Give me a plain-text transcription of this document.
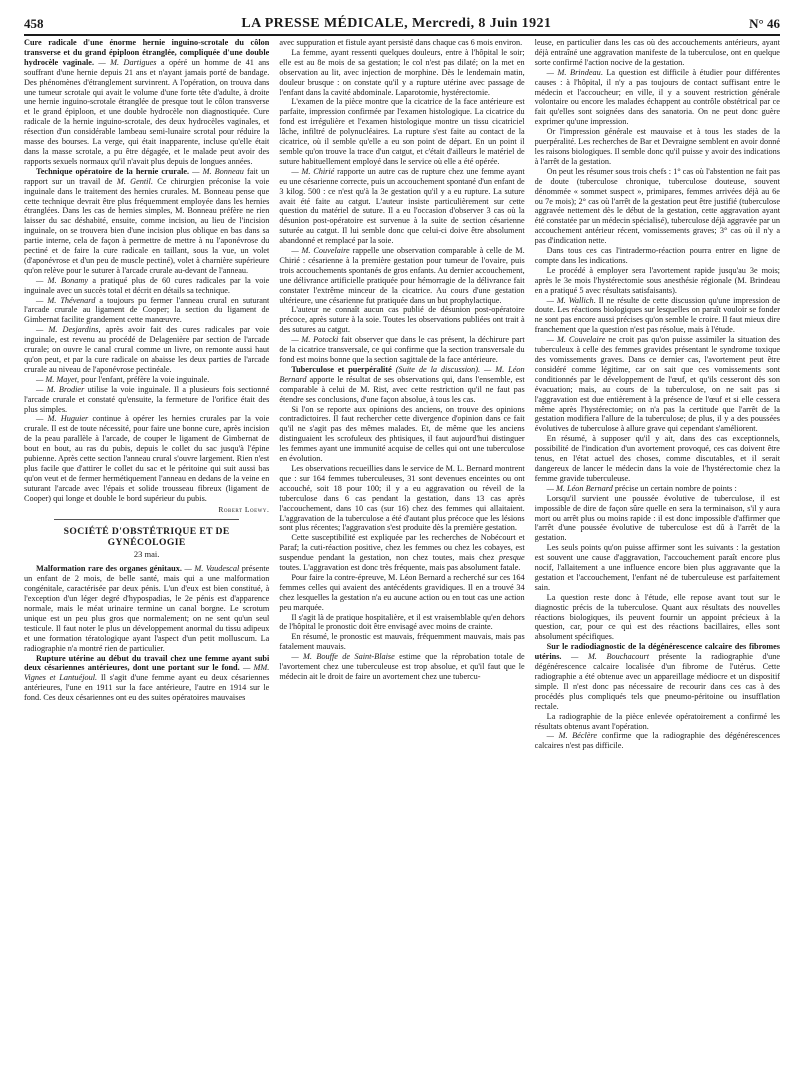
458	LA PRESSE MÉDICALE, Mercredi, 8 Juin 1921	N° 46

Cure radicale d'une énorme hernie inguino-scrotale du côlon transverse et du grand épiploon étranglée, compliquée d'une double hydrocèle vaginale. — M. Dartigues a opéré un homme de 41 ans souffrant d'une hernie depuis 21 ans et n'ayant jamais porté de bandage. Des phénomènes d'étranglement survinrent. A l'opération, on trouva dans une tumeur scrotale qui avait le volume d'une forte tête d'adulte, à droite une hernie inguino-scrotale étranglée de presque tout le côlon transverse et le grand épiploon, et une double hydrocèle non diagnostiquée. Cure radicale de la hernie inguino-scrotale, des deux hydrocèles vaginales, et résection d'un considérable lambeau semi-lunaire scrotal pour réduire la masse des bourses. La verge, qui était inapparente, incluse qu'elle était dans la masse scrotale, a pu être dégagée, et le malade peut avoir des rapports sexuels normaux qu'il n'avait plus depuis de longues années.

Technique opératoire de la hernie crurale. — M. Bonneau fait un rapport sur un travail de M. Gentil. Ce chirurgien préconise la voie inguinale dans le traitement des hernies crurales. M. Bonneau pense que cette technique devrait être plus fréquemment employée dans les hernies étranglées. Dans les cas de hernies simples, M. Bonneau préfère ne rien laisser du sac déshabité, ensuite, comme incision, au lieu de l'incision inguinale, on se trouvera bien d'une incision plus oblique en bas dans sa partie interne, cela de façon à permettre de mettre à nu l'aponévrose du pectiné et de faire la cure radicale en taillant, sous la vue, un volet (d'aponévrose et d'un peu de muscle pectiné), volet à charnière supérieure qu'on relève pour le suturer à l'arcade crurale au-devant de l'anneau.

— M. Bonamy a pratiqué plus de 60 cures radicales par la voie inguinale avec un succès total et décrit en détails sa technique.

— M. Thévenard a toujours pu fermer l'anneau crural en suturant l'arcade crurale au ligament de Cooper; la section du ligament de Gimbernat facilite grandement cette manœuvre.

— M. Desjardins, après avoir fait des cures radicales par voie inguinale, est revenu au procédé de Delagenière par section de l'arcade crurale; on ouvre le canal crural comme un livre, on remonte aussi haut qu'on peut, et par la cure radicale on abaisse les deux parties de l'arcade crurale au niveau de l'aponévrose pectinéale.

— M. Mayet, pour l'enfant, préfère la voie inguinale.

— M. Brodier utilise la voie inguinale. Il a plusieurs fois sectionné l'arcade crurale et constaté qu'ensuite, la fermeture de l'orifice était des plus simples.

— M. Huguier continue à opérer les hernies crurales par la voie crurale. Il est de toute nécessité, pour faire une bonne cure, après incision de la peau parallèle à l'arcade, de couper le ligament de Gimbernat de bout en bout, au ras du pubis, depuis le collet du sac jusqu'à l'épine pubienne. Après cette section l'anneau crural s'ouvre largement. Rien n'est plus facile que d'attirer le collet du sac et le péritoine qui suit aussi bas qu'on veut et de fermer hermétiquement l'anneau en dedans de la veine en suturant l'arcade avec l'épais et solide trousseau fibreux (ligament de Cooper) qui longe et double le bord supérieur du pubis.

Robert Loewy.
SOCIÉTÉ D'OBSTÉTRIQUE ET DE GYNÉCOLOGIE
23 mai.

Malformation rare des organes génitaux. — M. Vaudescal présente un enfant de 2 mois, de belle santé, mais qui a une malformation congénitale, caractérisée par deux pénis. L'un d'eux est bien constitué, à l'exception d'un léger degré d'hypospadias, le 2e pénis est d'apparence normale, mais le méat urinaire termine un canal borgne. Le scrotum unique est un peu plus gros que normalement; on ne sent qu'un seul testicule. Il faut noter le plus un développement anormal du tissu adipeux et une formation tératologique ayant l'aspect d'un petit molluscum. La radiographie n'a montré rien de particulier.

Rupture utérine au début du travail chez une femme ayant subi deux césariennes antérieures, dont une portant sur le fond. — MM. Vignes et Lantuéjoul. Il s'agit d'une femme ayant eu deux césariennes antérieures, l'une en 1911 sur la face antérieure, l'autre en 1914 sur le fond. Ces deux césariennes ont eu des suites opératoires mauvaises

avec suppuration et fistule ayant persisté dans chaque cas 6 mois environ.

La femme, ayant ressenti quelques douleurs, entre à l'hôpital le soir; elle est au 8e mois de sa gestation; le col n'est pas dilaté; on la met en observation au lit, avec injection de morphine. Dès le lendemain matin, douleur brusque : on constate qu'il y a rupture utérine avec passage de l'enfant dans la cavité abdominale. Laparotomie, hystérectomie.

L'examen de la pièce montre que la cicatrice de la face antérieure est parfaite, impression confirmée par l'examen histologique. La cicatrice du fond est irrégulière et l'examen histologique montre un tissu cicatriciel lâche, infiltré de polynucléaires. La rupture s'est faite au contact de la cicatrice, où il semble qu'elle a eu son point de départ. En un point il semble qu'on trouve la trace d'un catgut, et c'était d'ailleurs le matériel de suture habituellement employé dans le service où elle a été opérée.

— M. Chirié rapporte un autre cas de rupture chez une femme ayant eu une césarienne correcte, puis un accouchement spontané d'un enfant de 3 kilog. 500 : ce n'est qu'à la 3e gestation qu'il y a eu rupture. La suture avait été faite au catgut. L'auteur insiste particulièrement sur cette question du matériel de suture. Il a eu l'occasion d'observer 3 cas où la désunion post-opératoire est survenue à la suite de section césarienne suturée au catgut. Il lui semble donc que celui-ci doive être absolument abandonné et remplacé par la soie.

— M. Couvelaire rappelle une observation comparable à celle de M. Chirié : césarienne à la première gestation pour tumeur de l'ovaire, puis trois accouchements spontanés de gros enfants. Au dernier accouchement, une délivrance artificielle pratiquée pour hémorragie de la délivrance fait constater l'extrême minceur de la cicatrice. Au cours d'une gestation ultérieure, une césarienne fut pratiquée dans un but prophylactique.

L'auteur ne connaît aucun cas publié de désunion post-opératoire précoce, après suture à la soie. Toutes les observations publiées ont trait à des sutures au catgut.

— M. Potocki fait observer que dans le cas présent, la déchirure part de la cicatrice transversale, ce qui confirme que la section transversale du fond est moins bonne que la section sagittale de la face antérieure.

Tuberculose et puerpéralité (Suite de la discussion). — M. Léon Bernard apporte le résultat de ses observations qui, dans l'ensemble, est comparable à celui de M. Rist, avec cette restriction qu'il ne faut pas étendre ses conclusions, d'une façon absolue, à tous les cas.

Si l'on se reporte aux opinions des anciens, on trouve des opinions contradictoires. Il faut rechercher cette divergence d'opinion dans ce fait qu'il ne s'agit pas des mêmes malades. Et, de même que les anciens distinguaient les scrofuleux des phtisiques, il faut aujourd'hui distinguer les femmes ayant une immunité acquise de celles qui ont une tuberculose en évolution.

Les observations recueillies dans le service de M. L. Bernard montrent que : sur 164 femmes tuberculeuses, 31 sont devenues enceintes ou ont accouché, soit 18 pour 100; il y a eu aggravation ou réveil de la tuberculose dans 6 cas pendant la gestation, dans 13 cas après l'accouchement, dans 10 cas (sur 16) chez des femmes qui allaitaient. L'aggravation de la tuberculose a été d'autant plus précoce que les lésions sont plus récentes; l'aggravation s'est produite dès la première gestation.

Cette susceptibilité est expliquée par les recherches de Nobécourt et Paraf; la cuti-réaction positive, chez les femmes ou chez les cobayes, est suspendue pendant la gestation, non chez toutes, mais chez presque toutes. L'aggravation est donc très fréquente, mais pas absolument fatale.

Pour faire la contre-épreuve, M. Léon Bernard a recherché sur ces 164 femmes celles qui avaient des antécédents gravidiques. Il en a trouvé 34 chez lesquelles la gestation n'a eu aucune action ou en tout cas une action peu marquée.

Il s'agit là de pratique hospitalière, et il est vraisemblable qu'en dehors de l'hôpital le pronostic doit être envisagé avec moins de crainte.

En résumé, le pronostic est mauvais, fréquemment mauvais, mais pas fatalement mauvais.

— M. Bouffe de Saint-Blaise estime que la réprobation totale de l'avortement chez une tuberculeuse est trop absolue, et qu'il faut que le médecin ait le droit de faire un avortement chez une tubercu-

leuse, en particulier dans les cas où des accouchements antérieurs, ayant déjà entraîné une aggravation manifeste de la tuberculose, ont en quelque sorte confirmé l'action nocive de la gestation.

— M. Brindeau. La question est difficile à étudier pour différentes causes : à l'hôpital, il n'y a pas toujours de contact suffisant entre le médecin et l'accoucheur; en ville, il y a souvent restriction générale volontaire ou encore les malades échappent au contrôle obstétrical par ce fait qu'elles sont soignées dans des sanatoria. On ne peut donc guère exprimer qu'une impression.

Or l'impression générale est mauvaise et à tous les stades de la puerpéralité. Les recherches de Bar et Devraigne semblent en avoir donné les raisons biologiques. Il semble donc qu'il puisse y avoir des indications à l'arrêt de la gestation.

On peut les résumer sous trois chefs : 1° cas où l'abstention ne fait pas de doute (tuberculose chronique, tuberculose douteuse, souvent dénommée « sommet suspect », primipares, femmes arrivées déjà au 6e ou 7e mois); 2° cas où l'arrêt de la gestation peut être justifié (tuberculose aggravée nettement dès le début de la gestation, cette aggravation ayant été constatée par un médecin spécialisé), tuberculose déjà aggravée par un accouchement antérieur récent, vomissements graves; 3° cas où il n'y a pas d'indication nette.

Dans tous ces cas l'intradermo-réaction pourra entrer en ligne de compte dans les indications.

Le procédé à employer sera l'avortement rapide jusqu'au 3e mois; après le 3e mois l'hystérectomie sous anesthésie régionale (M. Brindeau en a pratiqué 5 avec résultats satisfaisants).

— M. Wallich. Il ne résulte de cette discussion qu'une impression de doute. Les réactions biologiques sur lesquelles on paraît vouloir se fonder ne sont pas encore aussi précises qu'on semble le croire. Il faut mieux dire franchement que la question n'est pas résolue, mais à l'étude.

— M. Couvelaire ne croit pas qu'on puisse assimiler la situation des tuberculeux à celle des femmes gravides présentant le syndrome toxique des vomissements graves. Dans ce dernier cas, l'avortement peut être considéré comme légitime, car on sait que ces vomissements sont conditionnés par le développement de l'œuf, et qu'ils cesseront dès son évacuation; mais, au cours de la tuberculose, on ne sait pas si l'aggravation est due entièrement à la présence de l'œuf et si elle cessera même après l'hystérectomie; on n'a pas la certitude que l'arrêt de la gestation modifiera l'allure de la tuberculose; de plus, il y a des poussées évolutives de tuberculose à allure grave qui cependant s'améliorent.

En résumé, à supposer qu'il y ait, dans des cas exceptionnels, possibilité de l'indication d'un avortement provoqué, ces cas doivent être tenus, en l'état actuel des choses, comme discutables, et il serait dangereux de lancer le médecin dans la voie de l'hystérectomie chez la femme gravide tuberculeuse.

— M. Léon Bernard précise un certain nombre de points :

Lorsqu'il survient une poussée évolutive de tuberculose, il est impossible de dire de façon sûre quelle en sera la terminaison, s'il y aura mort ou arrêt plus ou moins rapide : il est donc impossible d'affirmer que l'arrêt d'une poussée évolutive de tuberculose est dû à l'arrêt de la gestation.

Les seuls points qu'on puisse affirmer sont les suivants : la gestation est souvent une cause d'aggravation, l'accouchement paraît encore plus nocif, l'allaitement a une influence encore bien plus aggravante que la gestation et l'accouchement, l'enfant né de tuberculeuse est parfaitement sain.

La question reste donc à l'étude, elle repose avant tout sur le diagnostic précis de la tuberculose. Quant aux résultats des nouvelles réactions biologiques, ils peuvent fournir un appoint précieux à la question, car, pour ce qui est des réactions bacillaires, elles sont absolument spécifiques.

Sur le radiodiagnostic de la dégénérescence calcaire des fibromes utérins. — M. Bouchacourt présente la radiographie d'une dégénérescence calcaire localisée d'un fibrome de l'utérus. Cette radiographie a été obtenue avec un appareillage médiocre et un dispositif simple. Il n'est donc pas nécessaire de recourir dans ces cas à des procédés plus compliqués tels que pneumo-péritoine ou insufflation rectale.

La radiographie de la pièce enlevée opératoirement a confirmé les résultats obtenus avant l'opération.

— M. Béclère confirme que la radiographie des dégénérescences calcaires n'est pas difficile.
